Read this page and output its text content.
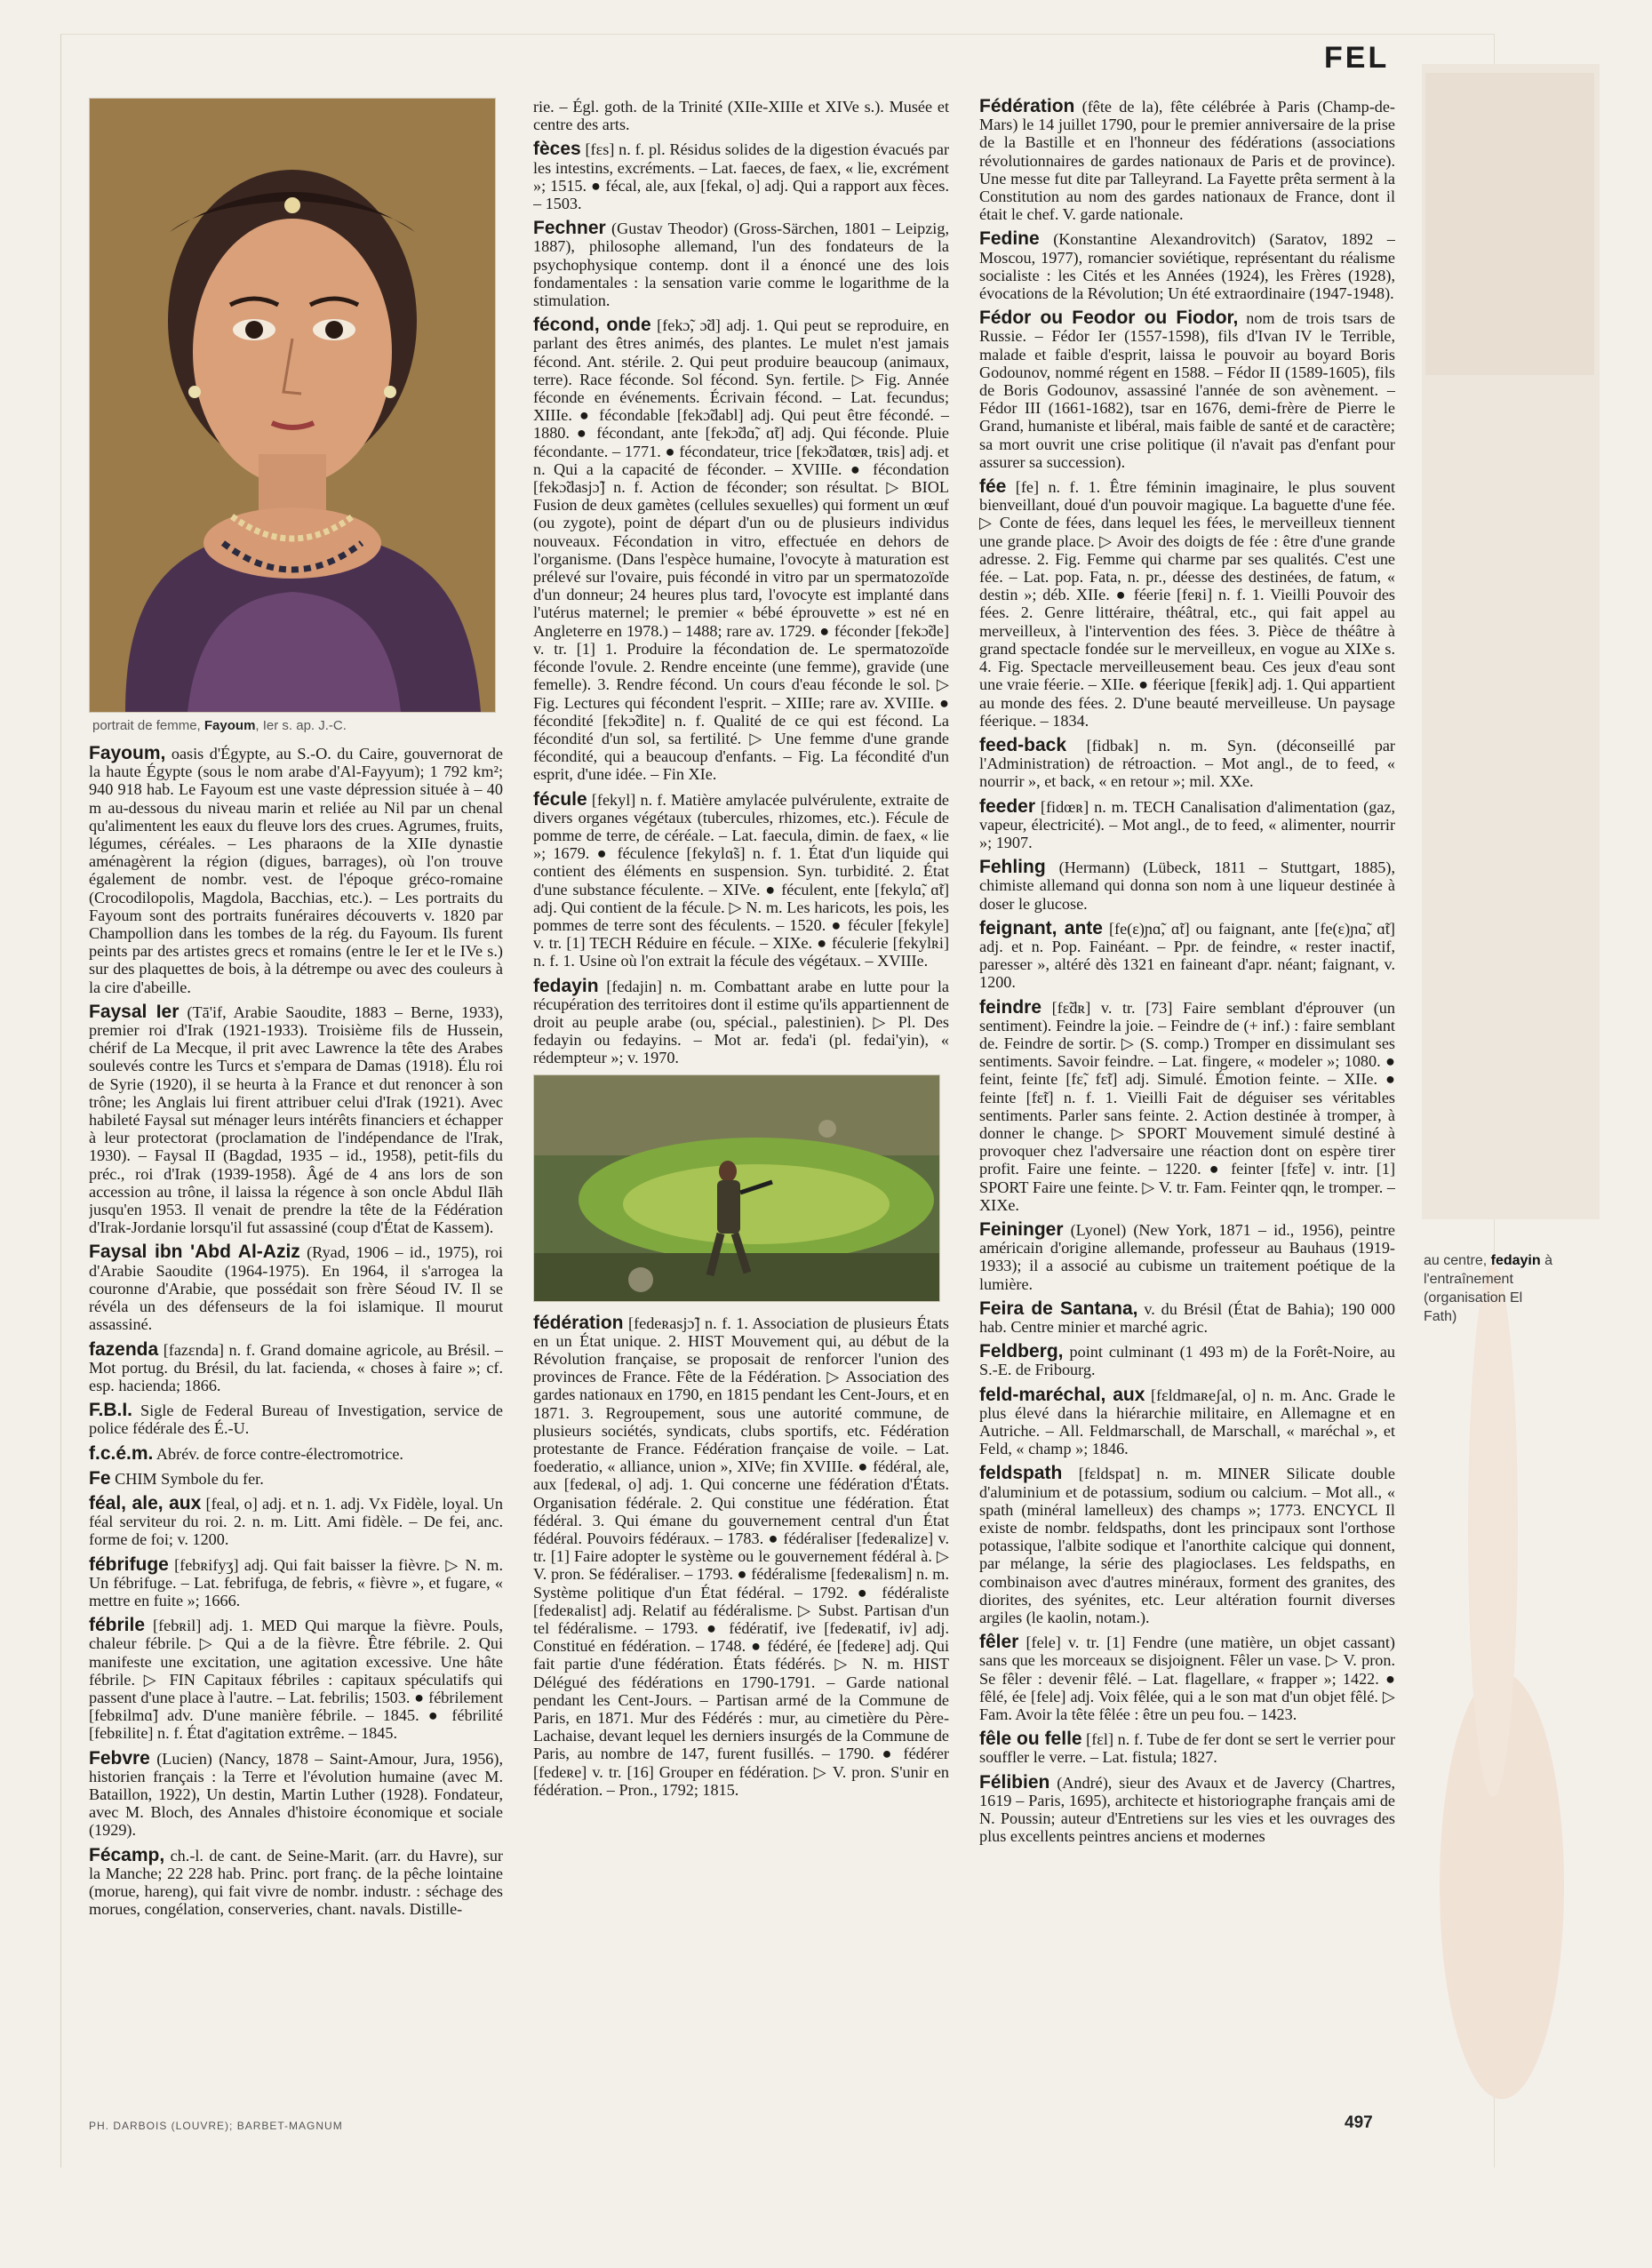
FEL
portrait de femme, Fayoum, Ier s. ap. J.-C.

Fayoum, oasis d'Égypte, au S.-O. du Caire, gouvernorat de la haute Égypte (sous le nom arabe d'Al-Fayyum); 1 792 km²; 940 918 hab. Le Fayoum est une vaste dépression située à – 40 m au-dessous du niveau marin et reliée au Nil par un chenal qu'alimentent les eaux du fleuve lors des crues. Agrumes, fruits, légumes, céréales. – Les pharaons de la XIIe dynastie aménagèrent la région (digues, barrages), où l'on trouve également de nombr. vest. de l'époque gréco-romaine (Crocodilopolis, Magdola, Bacchias, etc.). – Les portraits du Fayoum sont des portraits funéraires découverts v. 1820 par Champollion dans les tombes de la rég. du Fayoum. Ils furent peints par des artistes grecs et romains (entre le Ier et le IVe s.) sur des plaquettes de bois, à la détrempe ou avec des couleurs à la cire d'abeille.

Faysal Ier (Tā'if, Arabie Saoudite, 1883 – Berne, 1933), premier roi d'Irak (1921-1933). Troisième fils de Hussein, chérif de La Mecque, il prit avec Lawrence la tête des Arabes soulevés contre les Turcs et s'empara de Damas (1918). Élu roi de Syrie (1920), il se heurta à la France et dut renoncer à son trône; les Anglais lui firent attribuer celui d'Irak (1921). Avec habileté Faysal sut ménager leurs intérêts financiers et échapper à leur protectorat (proclamation de l'indépendance de l'Irak, 1930). – Faysal II (Bagdad, 1935 – id., 1958), petit-fils du préc., roi d'Irak (1939-1958). Âgé de 4 ans lors de son accession au trône, il laissa la régence à son oncle Abdul Ilāh jusqu'en 1953. Il venait de prendre la tête de la Fédération d'Irak-Jordanie lorsqu'il fut assassiné (coup d'État de Kassem).

Faysal ibn 'Abd Al-Aziz (Ryad, 1906 – id., 1975), roi d'Arabie Saoudite (1964-1975). En 1964, il s'arrogea la couronne d'Arabie, que possédait son frère Séoud IV. Il se révéla un des défenseurs de la foi islamique. Il mourut assassiné.

fazenda [fazɛnda] n. f. Grand domaine agricole, au Brésil. – Mot portug. du Brésil, du lat. facienda, « choses à faire »; cf. esp. hacienda; 1866.

F.B.I. Sigle de Federal Bureau of Investigation, service de police fédérale des É.-U.

f.c.é.m. Abrév. de force contre-électromotrice.

Fe CHIM Symbole du fer.

féal, ale, aux [feal, o] adj. et n. 1. adj. Vx Fidèle, loyal. Un féal serviteur du roi. 2. n. m. Litt. Ami fidèle. – De fei, anc. forme de foi; v. 1200.

fébrifuge [febʀifyʒ] adj. Qui fait baisser la fièvre. ▷ N. m. Un fébrifuge. – Lat. febrifuga, de febris, « fièvre », et fugare, « mettre en fuite »; 1666.

fébrile [febʀil] adj. 1. MED Qui marque la fièvre. Pouls, chaleur fébrile. ▷ Qui a de la fièvre. Être fébrile. 2. Qui manifeste une excitation, une agitation excessive. Une hâte fébrile. ▷ FIN Capitaux fébriles : capitaux spéculatifs qui passent d'une place à l'autre. – Lat. febrilis; 1503. ● fébrilement [febʀilmɑ̃] adv. D'une manière fébrile. – 1845. ● fébrilité [febʀilite] n. f. État d'agitation extrême. – 1845.

Febvre (Lucien) (Nancy, 1878 – Saint-Amour, Jura, 1956), historien français : la Terre et l'évolution humaine (avec M. Bataillon, 1922), Un destin, Martin Luther (1928). Fondateur, avec M. Bloch, des Annales d'histoire économique et sociale (1929).

Fécamp, ch.-l. de cant. de Seine-Marit. (arr. du Havre), sur la Manche; 22 228 hab. Princ. port franç. de la pêche lointaine (morue, hareng), qui fait vivre de nombr. industr. : séchage des morues, congélation, conserveries, chant. navals. Distille-

rie. – Égl. goth. de la Trinité (XIIe-XIIIe et XIVe s.). Musée et centre des arts.

fèces [fɛs] n. f. pl. Résidus solides de la digestion évacués par les intestins, excréments. – Lat. faeces, de faex, « lie, excrément »; 1515. ● fécal, ale, aux [fekal, o] adj. Qui a rapport aux fèces. – 1503.

Fechner (Gustav Theodor) (Gross-Särchen, 1801 – Leipzig, 1887), philosophe allemand, l'un des fondateurs de la psychophysique contemp. dont il a énoncé une des lois fondamentales : la sensation varie comme le logarithme de la stimulation.

fécond, onde [fekɔ̃, ɔ̃d] adj. 1. Qui peut se reproduire, en parlant des êtres animés, des plantes. Le mulet n'est jamais fécond. Ant. stérile. 2. Qui peut produire beaucoup (animaux, terre). Race féconde. Sol fécond. Syn. fertile. ▷ Fig. Année féconde en événements. Écrivain fécond. – Lat. fecundus; XIIIe. ● fécondable [fekɔ̃dabl] adj. Qui peut être fécondé. – 1880. ● fécondant, ante [fekɔ̃dɑ̃, ɑ̃t] adj. Qui féconde. Pluie fécondante. – 1771. ● fécondateur, trice [fekɔ̃datœʀ, tʀis] adj. et n. Qui a la capacité de féconder. – XVIIIe. ● fécondation [fekɔ̃dasjɔ̃] n. f. Action de féconder; son résultat. ▷ BIOL Fusion de deux gamètes (cellules sexuelles) qui forment un œuf (ou zygote), point de départ d'un ou de plusieurs individus nouveaux. Fécondation in vitro, effectuée en dehors de l'organisme. (Dans l'espèce humaine, l'ovocyte à maturation est prélevé sur l'ovaire, puis fécondé in vitro par un spermatozoïde d'un donneur; 24 heures plus tard, l'ovocyte est implanté dans l'utérus maternel; le premier « bébé éprouvette » est né en Angleterre en 1978.) – 1488; rare av. 1729. ● féconder [fekɔ̃de] v. tr. [1] 1. Produire la fécondation de. Le spermatozoïde féconde l'ovule. 2. Rendre enceinte (une femme), gravide (une femelle). 3. Rendre fécond. Un cours d'eau féconde le sol. ▷ Fig. Lectures qui fécondent l'esprit. – XIIIe; rare av. XVIIIe. ● fécondité [fekɔ̃dite] n. f. Qualité de ce qui est fécond. La fécondité d'un sol, sa fertilité. ▷ Une femme d'une grande fécondité, qui a beaucoup d'enfants. – Fig. La fécondité d'un esprit, d'une idée. – Fin XIe.

fécule [fekyl] n. f. Matière amylacée pulvérulente, extraite de divers organes végétaux (tubercules, rhizomes, etc.). Fécule de pomme de terre, de céréale. – Lat. faecula, dimin. de faex, « lie »; 1679. ● féculence [fekylɑ̃s] n. f. 1. État d'un liquide qui contient des éléments en suspension. Syn. turbidité. 2. État d'une substance féculente. – XIVe. ● féculent, ente [fekylɑ̃, ɑ̃t] adj. Qui contient de la fécule. ▷ N. m. Les haricots, les pois, les pommes de terre sont des féculents. – 1520. ● féculer [fekyle] v. tr. [1] TECH Réduire en fécule. – XIXe. ● féculerie [fekylʀi] n. f. 1. Usine où l'on extrait la fécule des végétaux. – XVIIIe.

fedayin [fedajin] n. m. Combattant arabe en lutte pour la récupération des territoires dont il estime qu'ils appartiennent de droit au peuple arabe (ou, spécial., palestinien). ▷ Pl. Des fedayin ou fedayins. – Mot ar. feda'i (pl. fedai'yin), « rédempteur »; v. 1970.

fédération [fedeʀasjɔ̃] n. f. 1. Association de plusieurs États en un État unique. 2. HIST Mouvement qui, au début de la Révolution française, se proposait de renforcer l'union des provinces de France. Fête de la Fédération. ▷ Association des gardes nationaux en 1790, en 1815 pendant les Cent-Jours, et en 1871. 3. Regroupement, sous une autorité commune, de plusieurs sociétés, syndicats, clubs sportifs, etc. Fédération protestante de France. Fédération française de voile. – Lat. foederatio, « alliance, union », XIVe; fin XVIIIe. ● fédéral, ale, aux [fedeʀal, o] adj. 1. Qui concerne une fédération d'États. Organisation fédérale. 2. Qui constitue une fédération. État fédéral. 3. Qui émane du gouvernement central d'un État fédéral. Pouvoirs fédéraux. – 1783. ● fédéraliser [fedeʀalize] v. tr. [1] Faire adopter le système ou le gouvernement fédéral à. ▷ V. pron. Se fédéraliser. – 1793. ● fédéralisme [fedeʀalism] n. m. Système politique d'un État fédéral. – 1792. ● fédéraliste [fedeʀalist] adj. Relatif au fédéralisme. ▷ Subst. Partisan d'un tel fédéralisme. – 1793. ● fédératif, ive [fedeʀatif, iv] adj. Constitué en fédération. – 1748. ● fédéré, ée [fedeʀe] adj. Qui fait partie d'une fédération. États fédérés. ▷ N. m. HIST Délégué des fédérations en 1790-1791. – Garde national pendant les Cent-Jours. – Partisan armé de la Commune de Paris, en 1871. Mur des Fédérés : mur, au cimetière du Père-Lachaise, devant lequel les derniers insurgés de la Commune de Paris, au nombre de 147, furent fusillés. – 1790. ● fédérer [fedeʀe] v. tr. [16] Grouper en fédération. ▷ V. pron. S'unir en fédération. – Pron., 1792; 1815.

Fédération (fête de la), fête célébrée à Paris (Champ-de-Mars) le 14 juillet 1790, pour le premier anniversaire de la prise de la Bastille et en l'honneur des fédérations (associations révolutionnaires de gardes nationaux de Paris et de province). Une messe fut dite par Talleyrand. La Fayette prêta serment à la Constitution au nom des gardes nationaux de France, dont il était le chef. V. garde nationale.

Fedine (Konstantine Alexandrovitch) (Saratov, 1892 – Moscou, 1977), romancier soviétique, représentant du réalisme socialiste : les Cités et les Années (1924), les Frères (1928), évocations de la Révolution; Un été extraordinaire (1947-1948).

Fédor ou Feodor ou Fiodor, nom de trois tsars de Russie. – Fédor Ier (1557-1598), fils d'Ivan IV le Terrible, malade et faible d'esprit, laissa le pouvoir au boyard Boris Godounov, nommé régent en 1588. – Fédor II (1589-1605), fils de Boris Godounov, assassiné l'année de son avènement. – Fédor III (1661-1682), tsar en 1676, demi-frère de Pierre le Grand, humaniste et libéral, mais faible de santé et de caractère; sa mort ouvrit une crise politique (il n'avait pas d'enfant pour assurer sa succession).

fée [fe] n. f. 1. Être féminin imaginaire, le plus souvent bienveillant, doué d'un pouvoir magique. La baguette d'une fée. ▷ Conte de fées, dans lequel les fées, le merveilleux tiennent une grande place. ▷ Avoir des doigts de fée : être d'une grande adresse. 2. Fig. Femme qui charme par ses qualités. C'est une fée. – Lat. pop. Fata, n. pr., déesse des destinées, de fatum, « destin »; déb. XIIe. ● féerie [feʀi] n. f. 1. Vieilli Pouvoir des fées. 2. Genre littéraire, théâtral, etc., qui fait appel au merveilleux, à l'intervention des fées. 3. Pièce de théâtre à grand spectacle fondée sur le merveilleux, en vogue au XIXe s. 4. Fig. Spectacle merveilleusement beau. Ces jeux d'eau sont une vraie féerie. – XIIe. ● féerique [feʀik] adj. 1. Qui appartient au monde des fées. 2. D'une beauté merveilleuse. Un paysage féerique. – 1834.

feed-back [fidbak] n. m. Syn. (déconseillé par l'Administration) de rétroaction. – Mot angl., de to feed, « nourrir », et back, « en retour »; mil. XXe.

feeder [fidœʀ] n. m. TECH Canalisation d'alimentation (gaz, vapeur, électricité). – Mot angl., de to feed, « alimenter, nourrir »; 1907.

Fehling (Hermann) (Lübeck, 1811 – Stuttgart, 1885), chimiste allemand qui donna son nom à une liqueur destinée à doser le glucose.

feignant, ante [fe(ɛ)ɲɑ̃, ɑ̃t] ou faignant, ante [fe(ɛ)ɲɑ̃, ɑ̃t] adj. et n. Pop. Fainéant. – Ppr. de feindre, « rester inactif, paresser », altéré dès 1321 en faineant d'apr. néant; faignant, v. 1200.

feindre [fɛ̃dʀ] v. tr. [73] Faire semblant d'éprouver (un sentiment). Feindre la joie. – Feindre de (+ inf.) : faire semblant de. Feindre de sortir. ▷ (S. comp.) Tromper en dissimulant ses sentiments. Savoir feindre. – Lat. fingere, « modeler »; 1080. ● feint, feinte [fɛ̃, fɛ̃t] adj. Simulé. Émotion feinte. – XIIe. ● feinte [fɛ̃t] n. f. 1. Vieilli Fait de déguiser ses véritables sentiments. Parler sans feinte. 2. Action destinée à tromper, à donner le change. ▷ SPORT Mouvement simulé destiné à provoquer chez l'adversaire une réaction dont on espère tirer profit. Faire une feinte. – 1220. ● feinter [fɛ̃te] v. intr. [1] SPORT Faire une feinte. ▷ V. tr. Fam. Feinter qqn, le tromper. – XIXe.

Feininger (Lyonel) (New York, 1871 – id., 1956), peintre américain d'origine allemande, professeur au Bauhaus (1919-1933); il a associé au cubisme un traitement poétique de la lumière.

Feira de Santana, v. du Brésil (État de Bahia); 190 000 hab. Centre minier et marché agric.

Feldberg, point culminant (1 493 m) de la Forêt-Noire, au S.-E. de Fribourg.

feld-maréchal, aux [fɛldmaʀeʃal, o] n. m. Anc. Grade le plus élevé dans la hiérarchie militaire, en Allemagne et en Autriche. – All. Feldmarschall, de Marschall, « maréchal », et Feld, « champ »; 1846.

feldspath [fɛldspat] n. m. MINER Silicate double d'aluminium et de potassium, sodium ou calcium. – Mot all., « spath (minéral lamelleux) des champs »; 1773. ENCYCL Il existe de nombr. feldspaths, dont les principaux sont l'orthose potassique, l'albite sodique et l'anorthite calcique qui donnent, par mélange, la série des plagioclases. Les feldspaths, en combinaison avec d'autres minéraux, forment des granites, des diorites, des syénites, etc. Leur altération fournit diverses argiles (le kaolin, notam.).

fêler [fele] v. tr. [1] Fendre (une matière, un objet cassant) sans que les morceaux se disjoignent. Fêler un vase. ▷ V. pron. Se fêler : devenir fêlé. – Lat. flagellare, « frapper »; 1422. ● fêlé, ée [fele] adj. Voix fêlée, qui a le son mat d'un objet fêlé. ▷ Fam. Avoir la tête fêlée : être un peu fou. – 1423.

fêle ou felle [fɛl] n. f. Tube de fer dont se sert le verrier pour souffler le verre. – Lat. fistula; 1827.

Félibien (André), sieur des Avaux et de Javercy (Chartres, 1619 – Paris, 1695), architecte et historiographe français ami de N. Poussin; auteur d'Entretiens sur les vies et les ouvrages des plus excellents peintres anciens et modernes

au centre, fedayin à l'entraînement (organisation El Fath)
PH. DARBOIS (LOUVRE); BARBET-MAGNUM	497
